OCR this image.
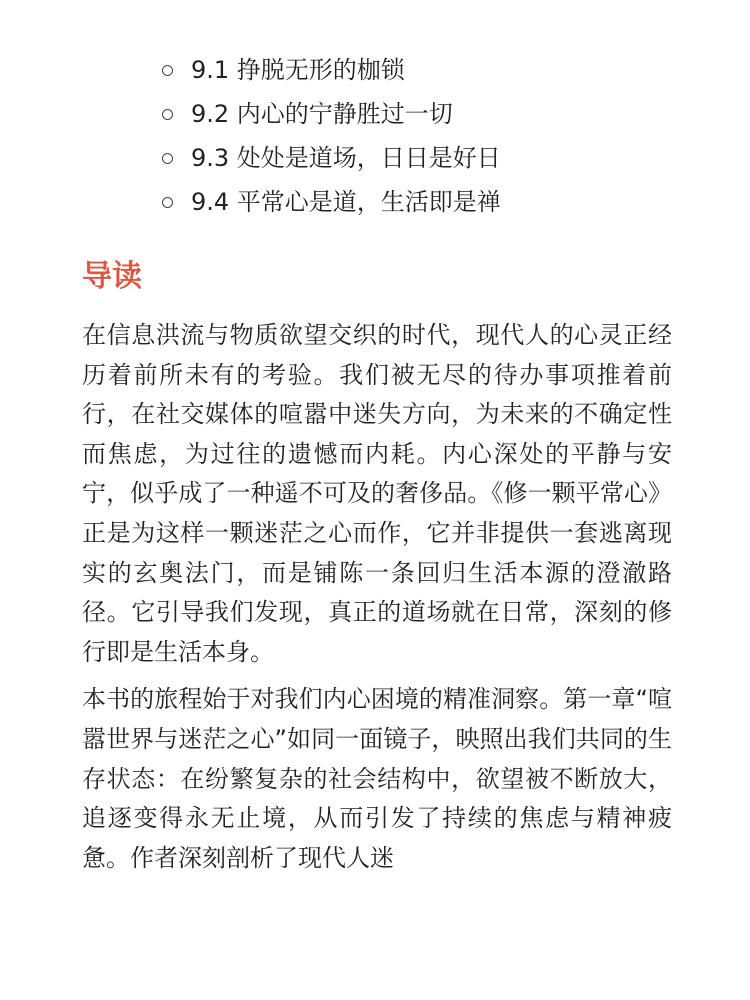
9.1 挣脱无形的枷锁
9.2 内心的宁静胜过一切
9.3 处处是道场，日日是好日
9.4 平常心是道，生活即是禅
导读

在信息洪流与物质欲望交织的时代，现代人的心灵正经历着前所未有的考验。我们被无尽的待办事项推着前行，在社交媒体的喧嚣中迷失方向，为未来的不确定性而焦虑，为过往的遗憾而内耗。内心深处的平静与安宁，似乎成了一种遥不可及的奢侈品。《修一颗平常心》正是为这样一颗迷茫之心而作，它并非提供一套逃离现实的玄奥法门，而是铺陈一条回归生活本源的澄澈路径。它引导我们发现，真正的道场就在日常，深刻的修行即是生活本身。

本书的旅程始于对我们内心困境的精准洞察。第一章“喧嚣世界与迷茫之心”如同一面镜子，映照出我们共同的生存状态：在纷繁复杂的社会结构中，欲望被不断放大，追逐变得永无止境，从而引发了持续的焦虑与精神疲惫。作者深刻剖析了现代人迷
